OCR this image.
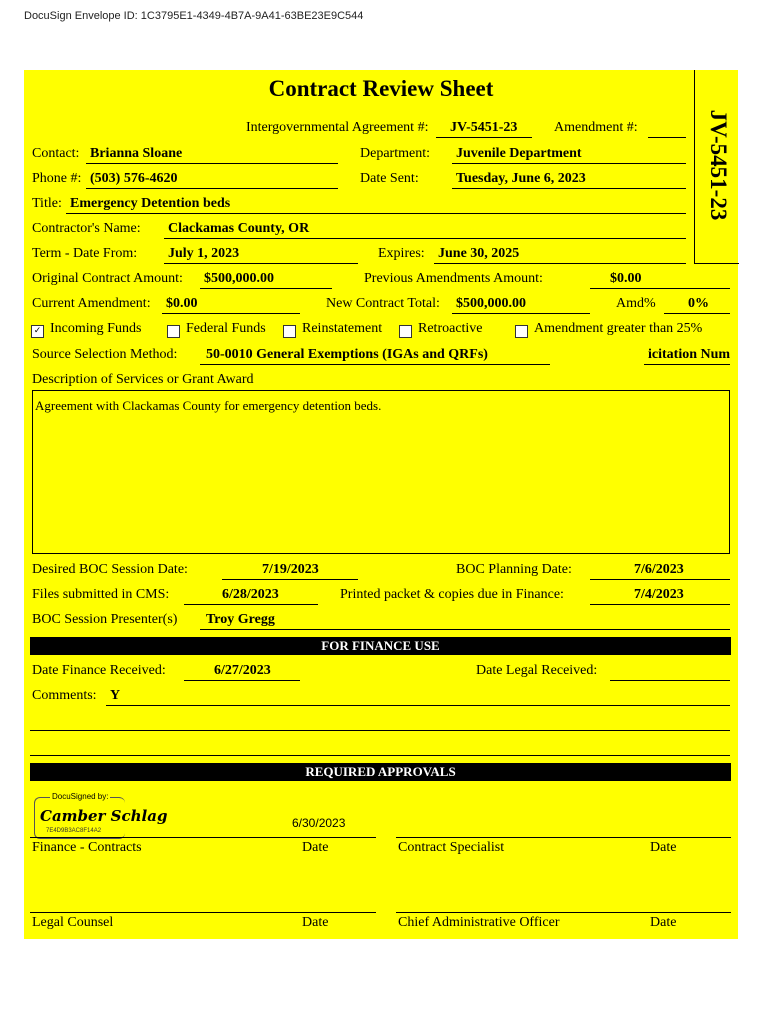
DocuSign Envelope ID: 1C3795E1-4349-4B7A-9A41-63BE23E9C544
Contract Review Sheet
JV-5451-23
Intergovernmental Agreement #: JV-5451-23	Amendment #:
Contact: Brianna Sloane	Department: Juvenile Department
Phone #: (503) 576-4620	Date Sent:	Tuesday, June 6, 2023
Title: Emergency Detention beds
Contractor's Name: Clackamas County, OR
Term - Date From: July 1, 2023	Expires: June 30, 2025
Original Contract Amount: $500,000.00	Previous Amendments Amount:	$0.00
Current Amendment: $0.00	New Contract Total: $500,000.00	Amd% 0%
✓ Incoming Funds	Federal Funds	Reinstatement	Retroactive	Amendment greater than 25%
Source Selection Method: 50-0010 General Exemptions (IGAs and QRFs)	icitation Num
Description of Services or Grant Award
Agreement with Clackamas County for emergency detention beds.
Desired BOC Session Date:	7/19/2023	BOC Planning Date:	7/6/2023
Files submitted in CMS:	6/28/2023	Printed packet & copies due in Finance:	7/4/2023
BOC Session Presenter(s) Troy Gregg
FOR FINANCE USE
Date Finance Received:	6/27/2023	Date Legal Received:
Comments: Y
REQUIRED APPROVALS
DocuSigned by:
Camber Schlag
7E4D9B3AC8F14A2
6/30/2023
Finance - Contracts	Date	Contract Specialist	Date
Legal Counsel	Date	Chief Administrative Officer	Date
